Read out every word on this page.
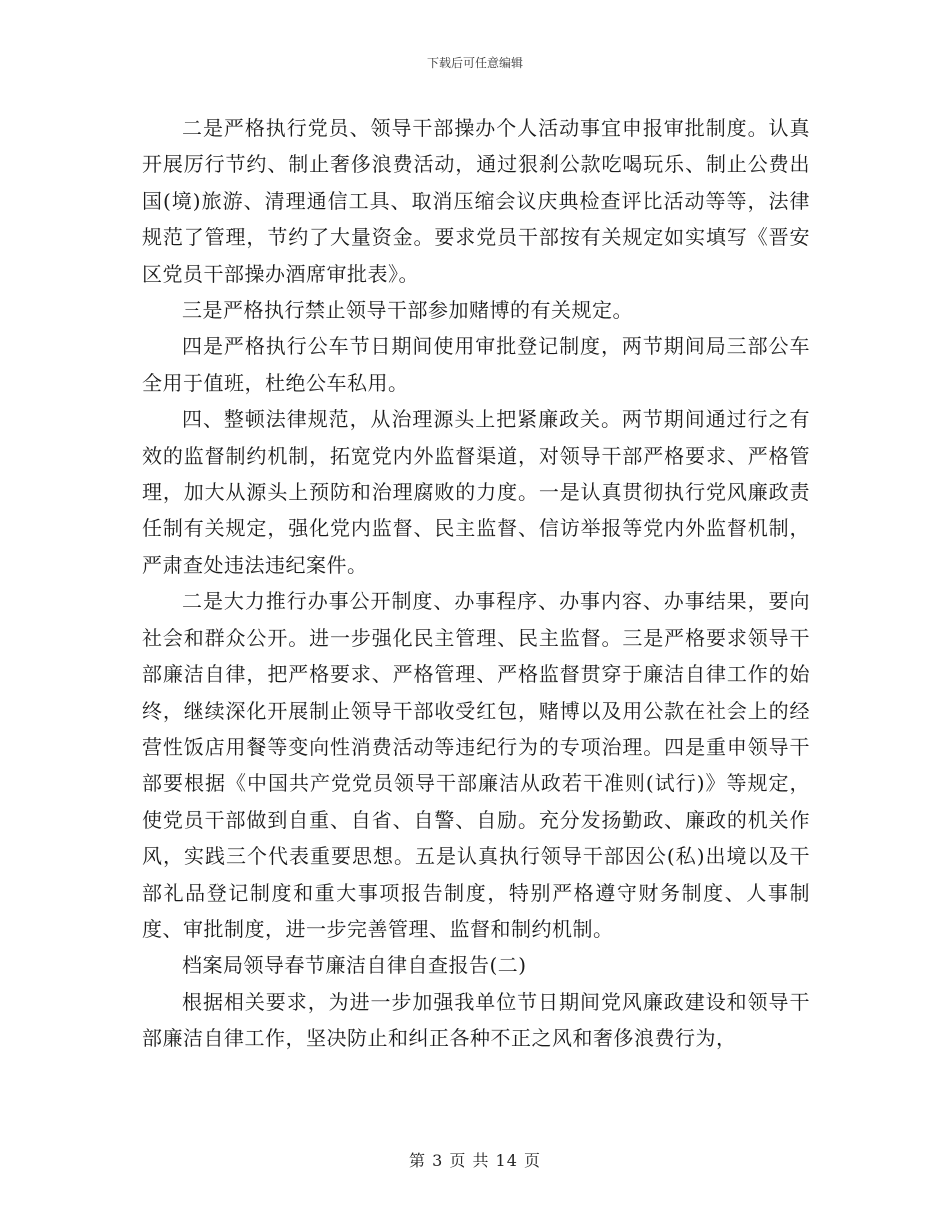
下载后可任意编辑

二是严格执行党员、领导干部操办个人活动事宜申报审批制度。认真开展厉行节约、制止奢侈浪费活动，通过狠刹公款吃喝玩乐、制止公费出国(境)旅游、清理通信工具、取消压缩会议庆典检查评比活动等等，法律规范了管理，节约了大量资金。要求党员干部按有关规定如实填写《晋安区党员干部操办酒席审批表》。

三是严格执行禁止领导干部参加赌博的有关规定。

四是严格执行公车节日期间使用审批登记制度，两节期间局三部公车全用于值班，杜绝公车私用。

四、整顿法律规范，从治理源头上把紧廉政关。两节期间通过行之有效的监督制约机制，拓宽党内外监督渠道，对领导干部严格要求、严格管理，加大从源头上预防和治理腐败的力度。一是认真贯彻执行党风廉政责任制有关规定，强化党内监督、民主监督、信访举报等党内外监督机制，严肃查处违法违纪案件。

二是大力推行办事公开制度、办事程序、办事内容、办事结果，要向社会和群众公开。进一步强化民主管理、民主监督。三是严格要求领导干部廉洁自律，把严格要求、严格管理、严格监督贯穿于廉洁自律工作的始终，继续深化开展制止领导干部收受红包，赌博以及用公款在社会上的经营性饭店用餐等变向性消费活动等违纪行为的专项治理。四是重申领导干部要根据《中国共产党党员领导干部廉洁从政若干准则(试行)》等规定，使党员干部做到自重、自省、自警、自励。充分发扬勤政、廉政的机关作风，实践三个代表重要思想。五是认真执行领导干部因公(私)出境以及干部礼品登记制度和重大事项报告制度，特别严格遵守财务制度、人事制度、审批制度，进一步完善管理、监督和制约机制。

档案局领导春节廉洁自律自查报告(二)

根据相关要求，为进一步加强我单位节日期间党风廉政建设和领导干部廉洁自律工作，坚决防止和纠正各种不正之风和奢侈浪费行为，

第 3 页 共 14 页
